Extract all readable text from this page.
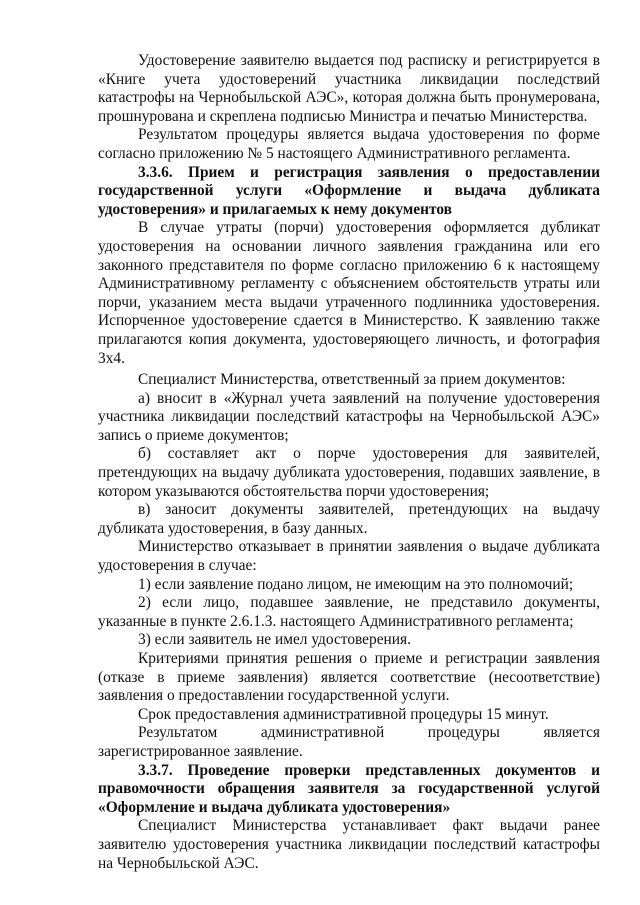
Удостоверение заявителю выдается под расписку и регистрируется в «Книге учета удостоверений участника ликвидации последствий катастрофы на Чернобыльской АЭС», которая должна быть пронумерована, прошнурована и скреплена подписью Министра и печатью Министерства.

Результатом процедуры является выдача удостоверения по форме согласно приложению № 5 настоящего Административного регламента.

3.3.6. Прием и регистрация заявления о предоставлении государственной услуги «Оформление и выдача дубликата удостоверения» и прилагаемых к нему документов

В случае утраты (порчи) удостоверения оформляется дубликат удостоверения на основании личного заявления гражданина или его законного представителя по форме согласно приложению 6 к настоящему Административному регламенту с объяснением обстоятельств утраты или порчи, указанием места выдачи утраченного подлинника удостоверения. Испорченное удостоверение сдается в Министерство. К заявлению также прилагаются копия документа, удостоверяющего личность, и фотография 3х4.

Специалист Министерства, ответственный за прием документов:

а) вносит в «Журнал учета заявлений на получение удостоверения участника ликвидации последствий катастрофы на Чернобыльской АЭС» запись о приеме документов;

б) составляет акт о порче удостоверения для заявителей, претендующих на выдачу дубликата удостоверения, подавших заявление, в котором указываются обстоятельства порчи удостоверения;

в) заносит документы заявителей, претендующих на выдачу дубликата удостоверения, в базу данных.

Министерство отказывает в принятии заявления о выдаче дубликата удостоверения в случае:

1) если заявление подано лицом, не имеющим на это полномочий;

2) если лицо, подавшее заявление, не представило документы, указанные в пункте 2.6.1.3. настоящего Административного регламента;

3) если заявитель не имел удостоверения.

Критериями принятия решения о приеме и регистрации заявления (отказе в приеме заявления) является соответствие (несоответствие) заявления о предоставлении государственной услуги.

Срок предоставления административной процедуры 15 минут.

Результатом административной процедуры является зарегистрированное заявление.

3.3.7. Проведение проверки представленных документов и правомочности обращения заявителя за государственной услугой «Оформление и выдача дубликата удостоверения»

Специалист Министерства устанавливает факт выдачи ранее заявителю удостоверения участника ликвидации последствий катастрофы на Чернобыльской АЭС.
